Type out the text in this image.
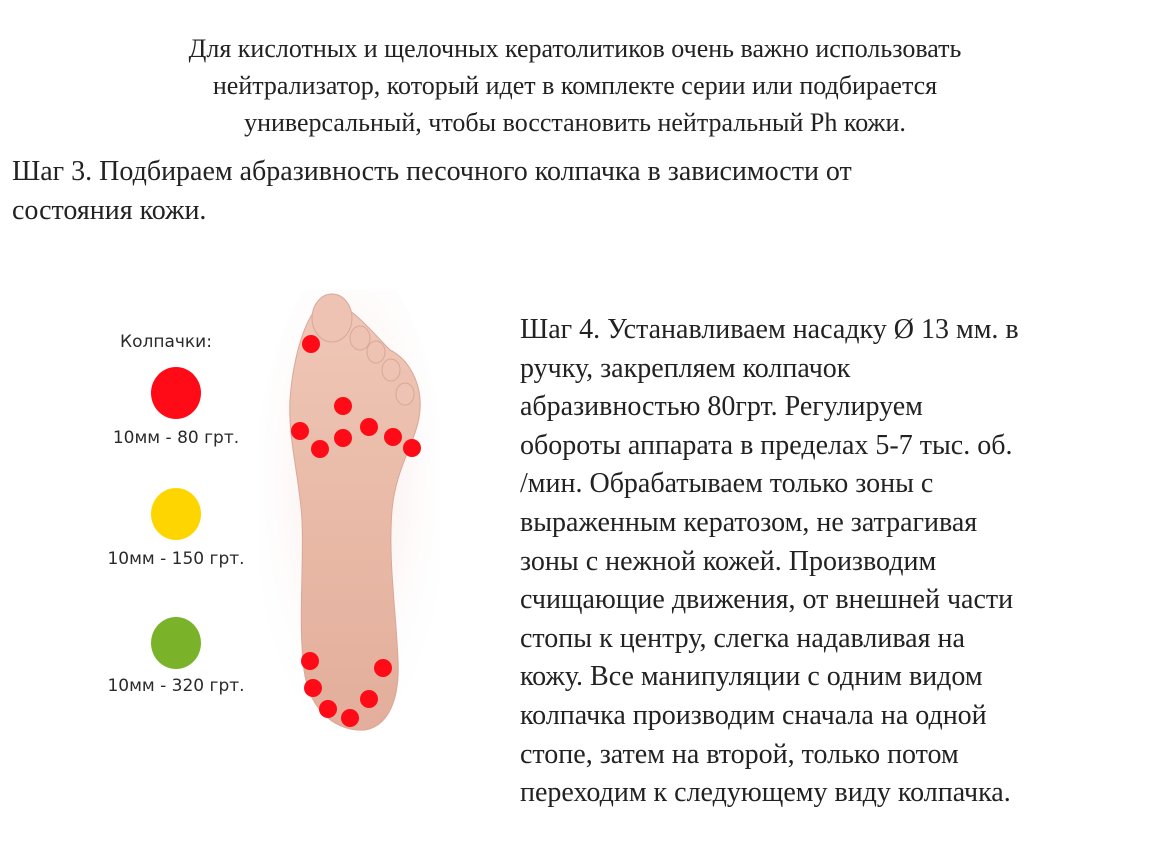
Для кислотных и щелочных кератолитиков очень важно использовать
нейтрализатор, который идет в комплекте серии или подбирается
универсальный, чтобы восстановить нейтральный Ph кожи.

Шаг 3. Подбираем абразивность песочного колпачка в зависимости от
состояния кожи.

Колпачки:
10мм - 80 грт.
10мм - 150 грт.
10мм - 320 грт.

Шаг 4. Устанавливаем насадку Ø 13 мм. в
ручку, закрепляем колпачок
абразивностью 80грт. Регулируем
обороты аппарата в пределах 5-7 тыс. об.
/мин. Обрабатываем только зоны с
выраженным кератозом, не затрагивая
зоны с нежной кожей. Производим
счищающие движения, от внешней части
стопы к центру, слегка надавливая на
кожу. Все манипуляции с одним видом
колпачка производим сначала на одной
стопе, затем на второй, только потом
переходим к следующему виду колпачка.
